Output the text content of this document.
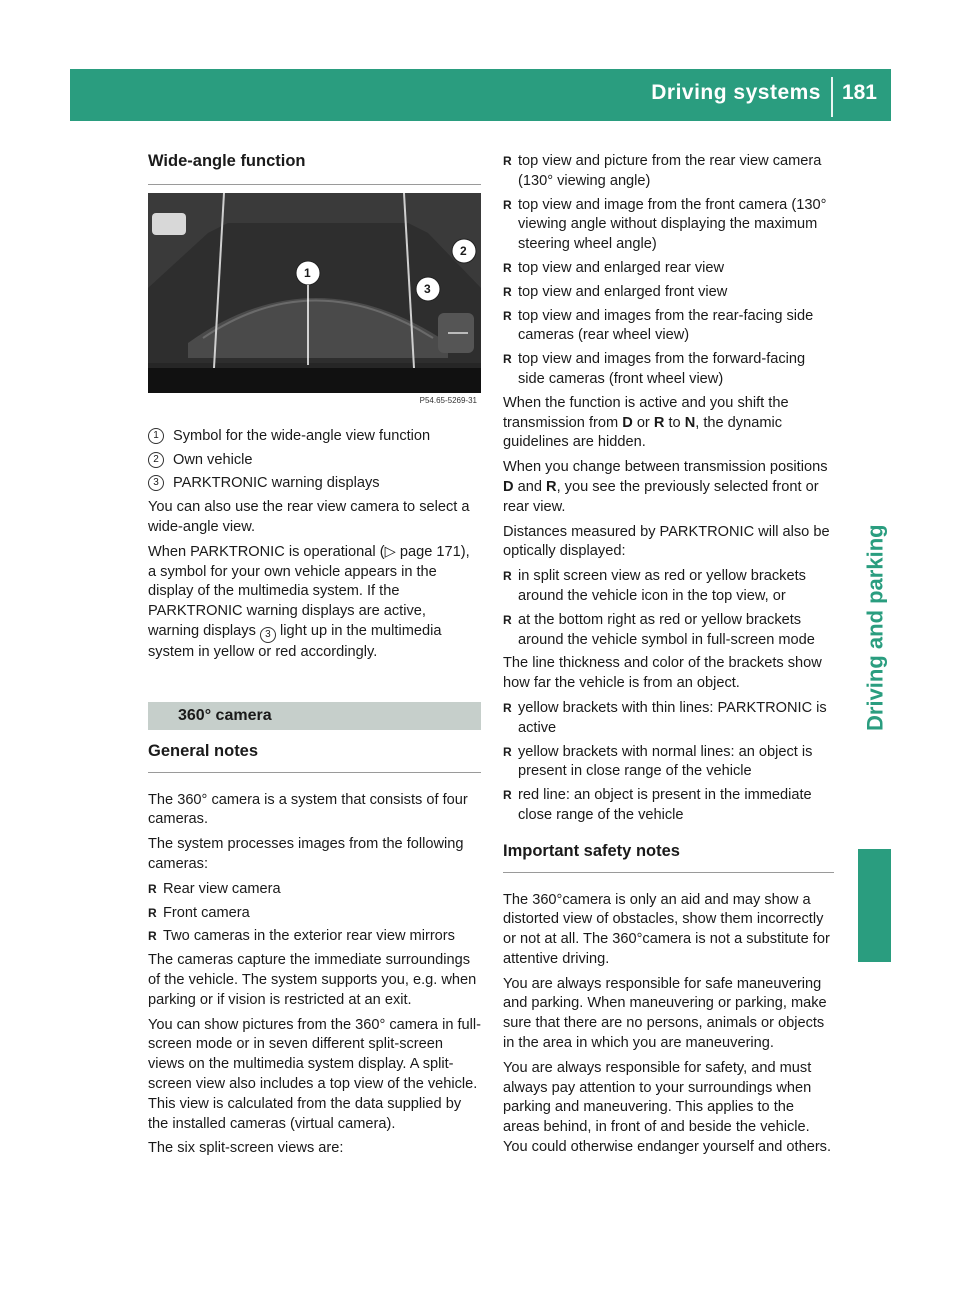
Driving systems 181
Driving and parking
Wide-angle function
1
2
3
P54.65-5269-31
1 Symbol for the wide-angle view function
2 Own vehicle
3 PARKTRONIC warning displays

You can also use the rear view camera to select a wide-angle view.

When PARKTRONIC is operational (▷ page 171), a symbol for your own vehicle appears in the display of the multimedia system. If the PARKTRONIC warning displays are active, warning displays 3 light up in the multimedia system in yellow or red accordingly.

360° camera
General notes

The 360° camera is a system that consists of four cameras.

The system processes images from the following cameras:

R Rear view camera
R Front camera
R Two cameras in the exterior rear view mirrors

The cameras capture the immediate surroundings of the vehicle. The system supports you, e.g. when parking or if vision is restricted at an exit.

You can show pictures from the 360° camera in full-screen mode or in seven different split-screen views on the multimedia system display. A split-screen view also includes a top view of the vehicle. This view is calculated from the data supplied by the installed cameras (virtual camera).

The six split-screen views are:

R top view and picture from the rear view camera (130° viewing angle)
R top view and image from the front camera (130° viewing angle without displaying the maximum steering wheel angle)
R top view and enlarged rear view
R top view and enlarged front view
R top view and images from the rear-facing side cameras (rear wheel view)
R top view and images from the forward-facing side cameras (front wheel view)

When the function is active and you shift the transmission from D or R to N, the dynamic guidelines are hidden.

When you change between transmission positions D and R, you see the previously selected front or rear view.

Distances measured by PARKTRONIC will also be optically displayed:

R in split screen view as red or yellow brackets around the vehicle icon in the top view, or
R at the bottom right as red or yellow brackets around the vehicle symbol in full-screen mode

The line thickness and color of the brackets show how far the vehicle is from an object.

R yellow brackets with thin lines: PARKTRONIC is active
R yellow brackets with normal lines: an object is present in close range of the vehicle
R red line: an object is present in the immediate close range of the vehicle
Important safety notes

The 360°camera is only an aid and may show a distorted view of obstacles, show them incorrectly or not at all. The 360°camera is not a substitute for attentive driving.

You are always responsible for safe maneuvering and parking. When maneuvering or parking, make sure that there are no persons, animals or objects in the area in which you are maneuvering.

You are always responsible for safety, and must always pay attention to your surroundings when parking and maneuvering. This applies to the areas behind, in front of and beside the vehicle. You could otherwise endanger yourself and others.
